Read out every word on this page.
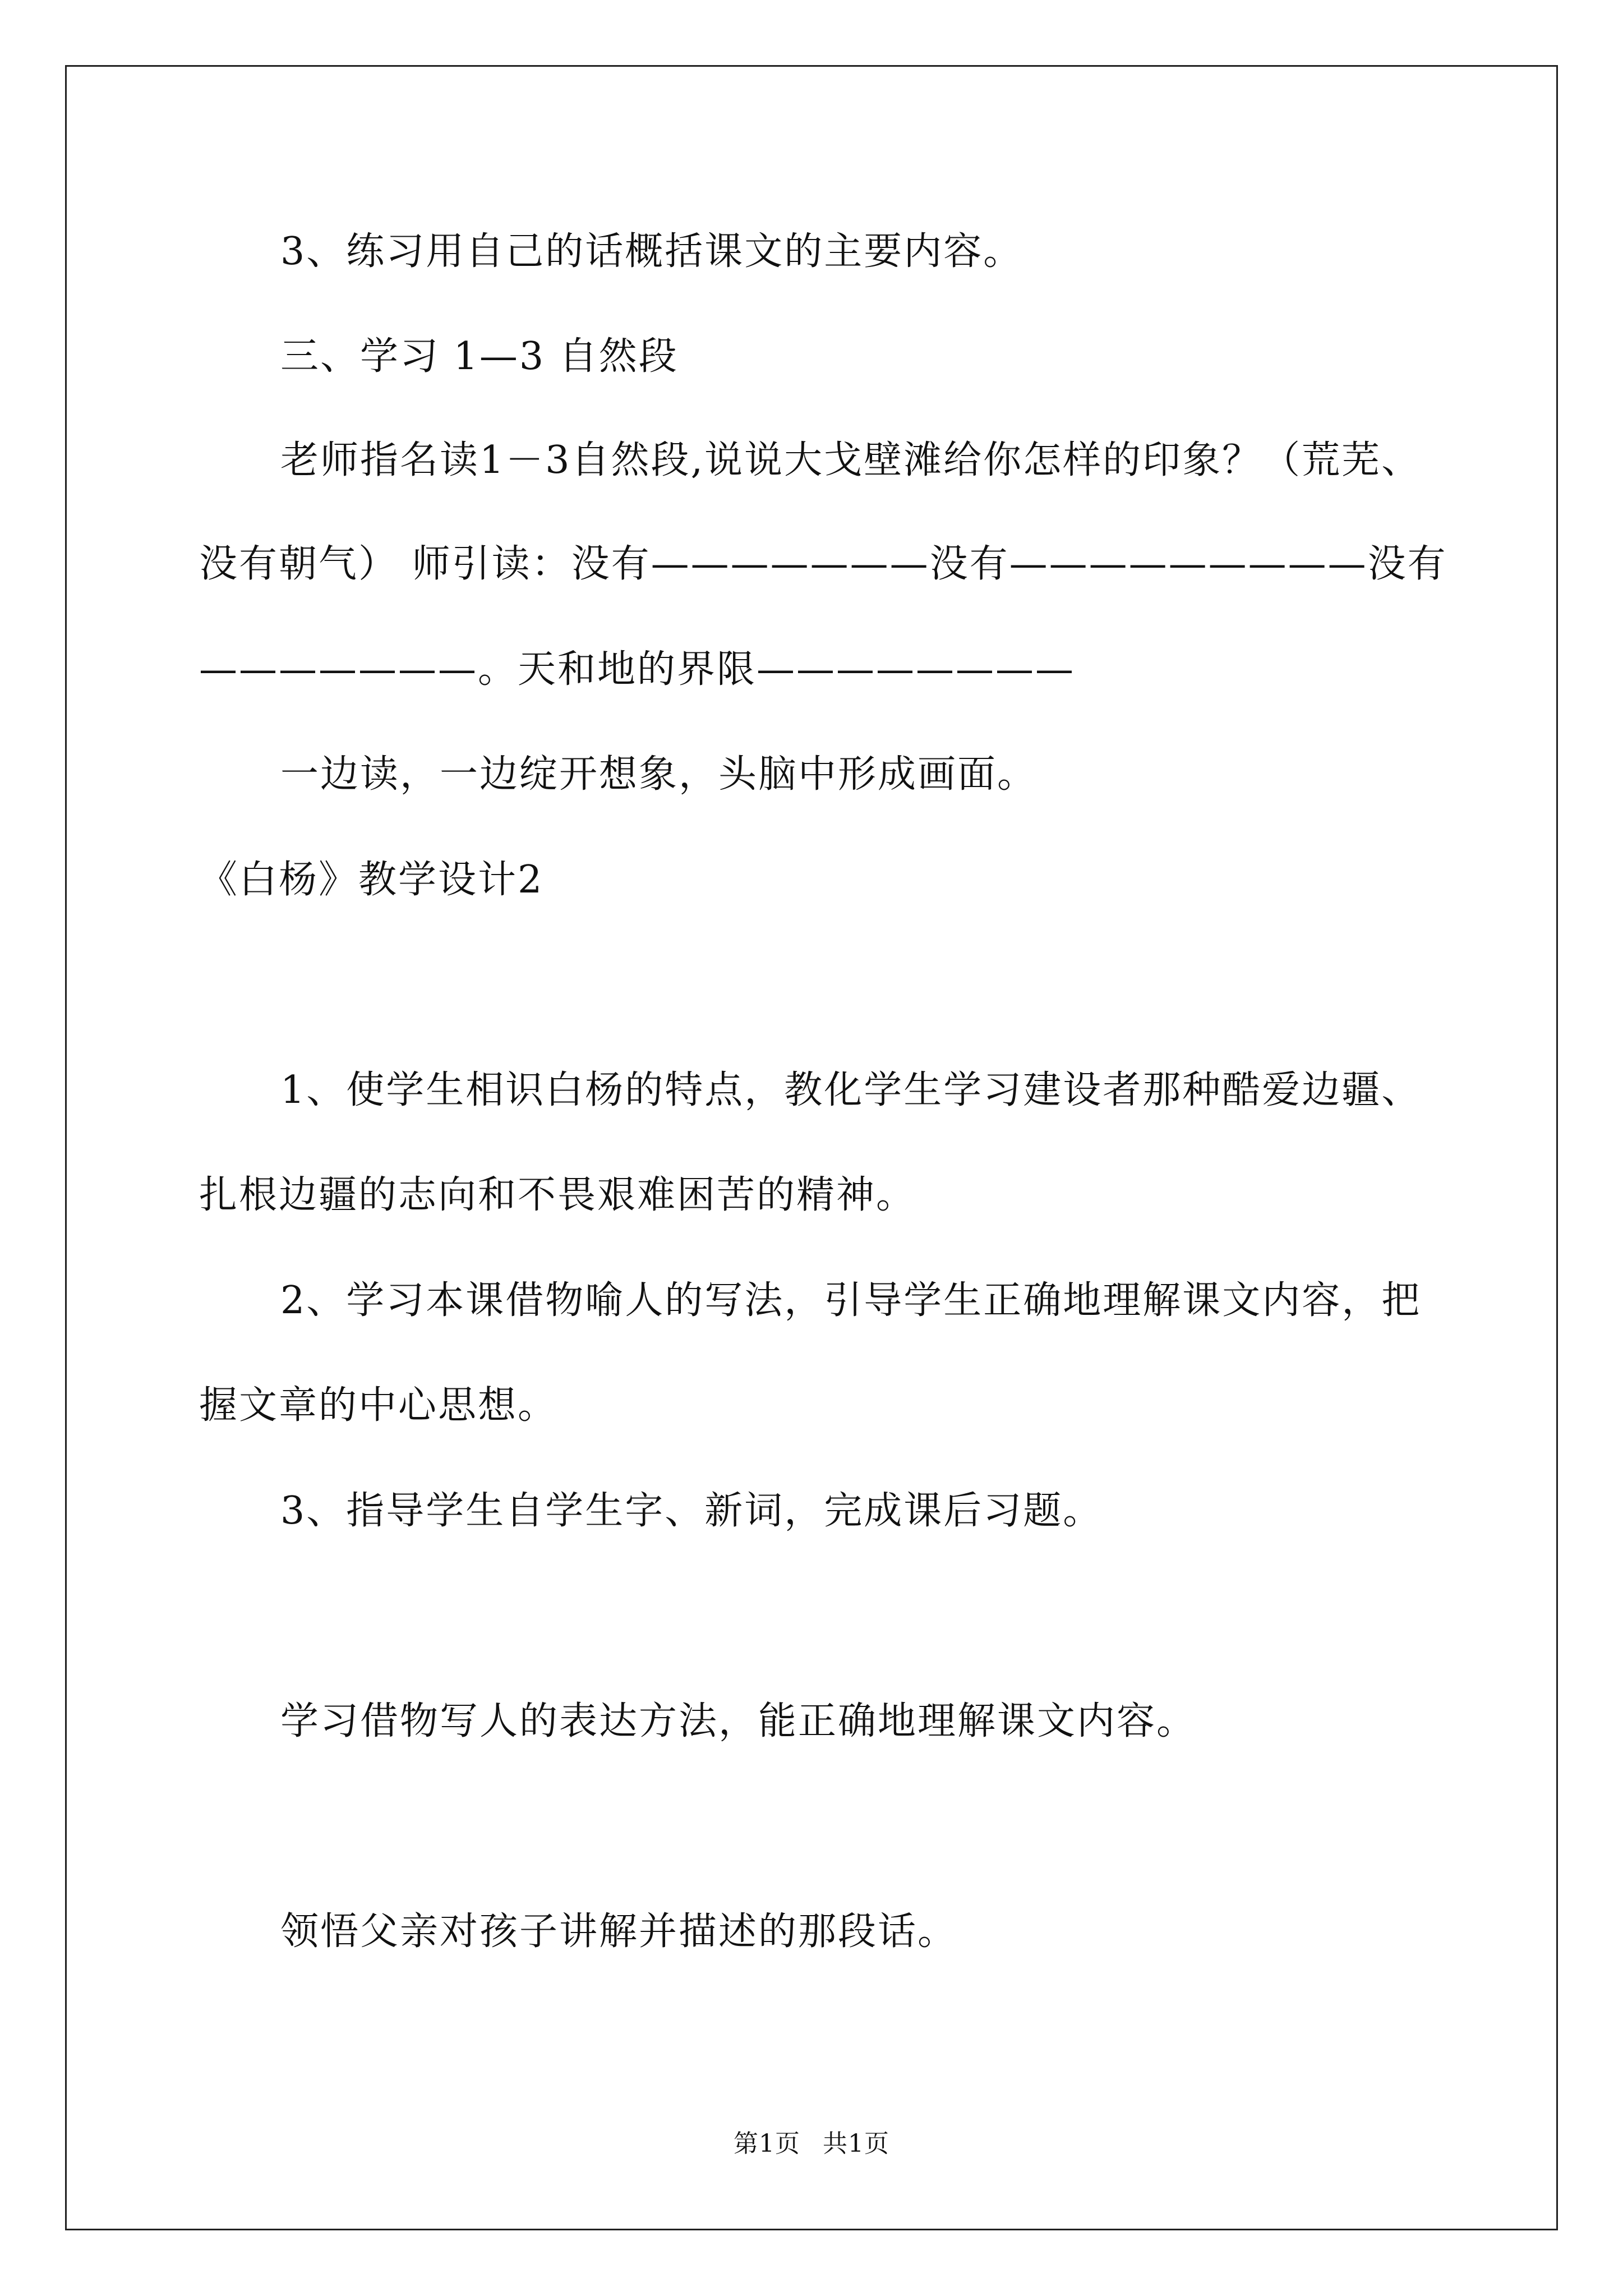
3、练习用自己的话概括课文的主要内容。
三、学习 1—3 自然段
老师指名读1－3自然段,说说大戈壁滩给你怎样的印象？（荒芜、
没有朝气） 师引读：没有———————没有—————————没有
———————。天和地的界限————————
一边读，一边绽开想象，头脑中形成画面。
《白杨》教学设计2
1、使学生相识白杨的特点，教化学生学习建设者那种酷爱边疆、
扎根边疆的志向和不畏艰难困苦的精神。
2、学习本课借物喻人的写法，引导学生正确地理解课文内容，把
握文章的中心思想。
3、指导学生自学生字、新词，完成课后习题。
学习借物写人的表达方法，能正确地理解课文内容。
领悟父亲对孩子讲解并描述的那段话。
第1页 共1页
